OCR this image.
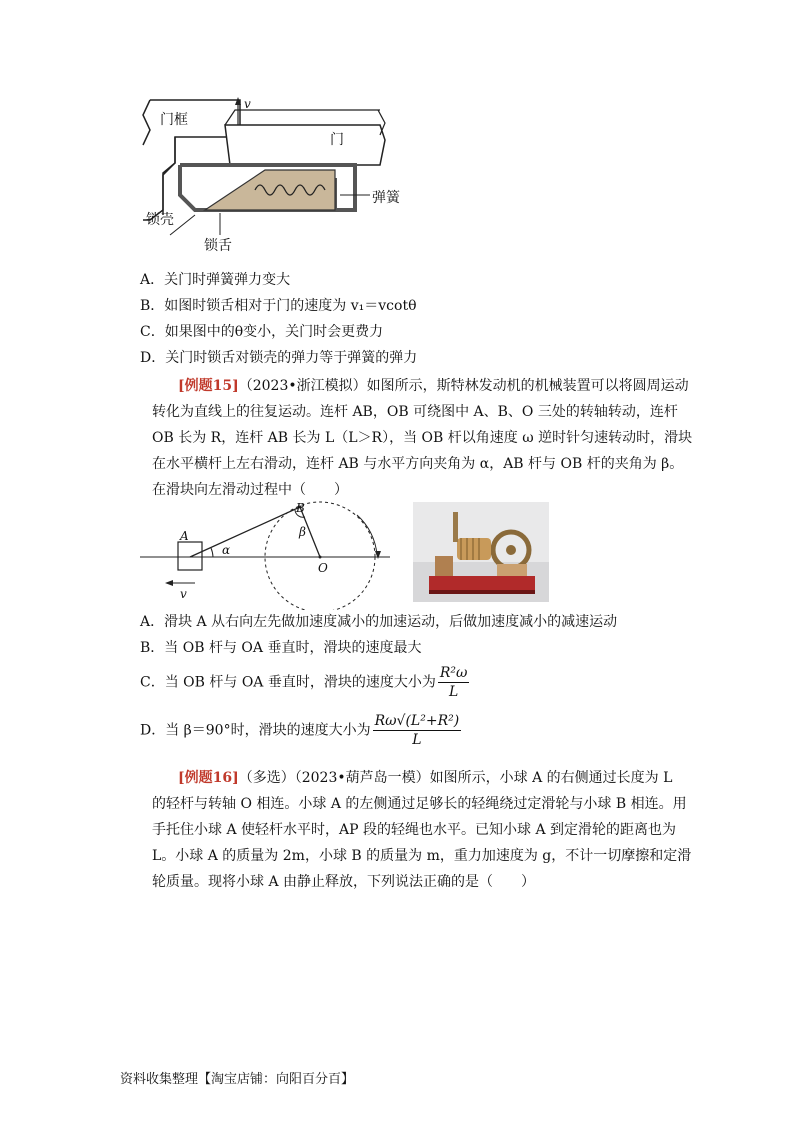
门框
门
v
弹簧
锁壳
锁舌
A．关门时弹簧弹力变大
B．如图时锁舌相对于门的速度为 v₁＝vcotθ
C．如果图中的θ变小，关门时会更费力
D．关门时锁舌对锁壳的弹力等于弹簧的弹力
[例题15]（2023•浙江模拟）如图所示，斯特林发动机的机械装置可以将圆周运动
转化为直线上的往复运动。连杆 AB，OB 可绕图中 A、B、O 三处的转轴转动，连杆
OB 长为 R，连杆 AB 长为 L（L＞R），当 OB 杆以角速度 ω 逆时针匀速转动时，滑块
在水平横杆上左右滑动，连杆 AB 与水平方向夹角为 α，AB 杆与 OB 杆的夹角为 β。
在滑块向左滑动过程中（　　）
A
B
O
α
β
v
A．滑块 A 从右向左先做加速度减小的加速运动，后做加速度减小的减速运动
B．当 OB 杆与 OA 垂直时，滑块的速度最大
C．当 OB 杆与 OA 垂直时，滑块的速度大小为 $\frac{\text{R²ω}}{L}$
D．当 β＝90°时，滑块的速度大小为 $\frac{\text{Rω√(L²+R²)}}{L}$
[例题16]（多选）（2023•葫芦岛一模）如图所示，小球 A 的右侧通过长度为 L
的轻杆与转轴 O 相连。小球 A 的左侧通过足够长的轻绳绕过定滑轮与小球 B 相连。用
手托住小球 A 使轻杆水平时，AP 段的轻绳也水平。已知小球 A 到定滑轮的距离也为
L。小球 A 的质量为 2m，小球 B 的质量为 m，重力加速度为 g，不计一切摩擦和定滑
轮质量。现将小球 A 由静止释放，下列说法正确的是（　　）
资料收集整理【淘宝店铺：向阳百分百】
